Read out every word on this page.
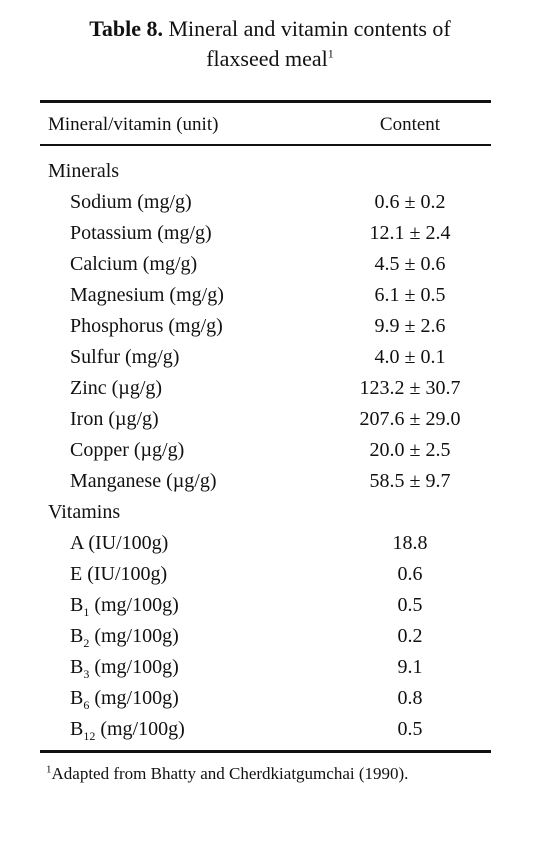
Table 8. Mineral and vitamin contents of
flaxseed meal$^1$
Mineral/vitamin (unit)	Content
Minerals
Sodium (mg/g)	0.6 ± 0.2
Potassium (mg/g)	12.1 ± 2.4
Calcium (mg/g)	4.5 ± 0.6
Magnesium (mg/g)	6.1 ± 0.5
Phosphorus (mg/g)	9.9 ± 2.6
Sulfur (mg/g)	4.0 ± 0.1
Zinc (µg/g)	123.2 ± 30.7
Iron (µg/g)	207.6 ± 29.0
Copper (µg/g)	20.0 ± 2.5
Manganese (µg/g)	58.5 ± 9.7
Vitamins
A (IU/100g)	18.8
E (IU/100g)	0.6
$B_1$ (mg/100g)	0.5
$B_2$ (mg/100g)	0.2
$B_3$ (mg/100g)	9.1
$B_6$ (mg/100g)	0.8
$B_{12}$ (mg/100g)	0.5
$^1$Adapted from Bhatty and Cherdkiatgumchai (1990).
